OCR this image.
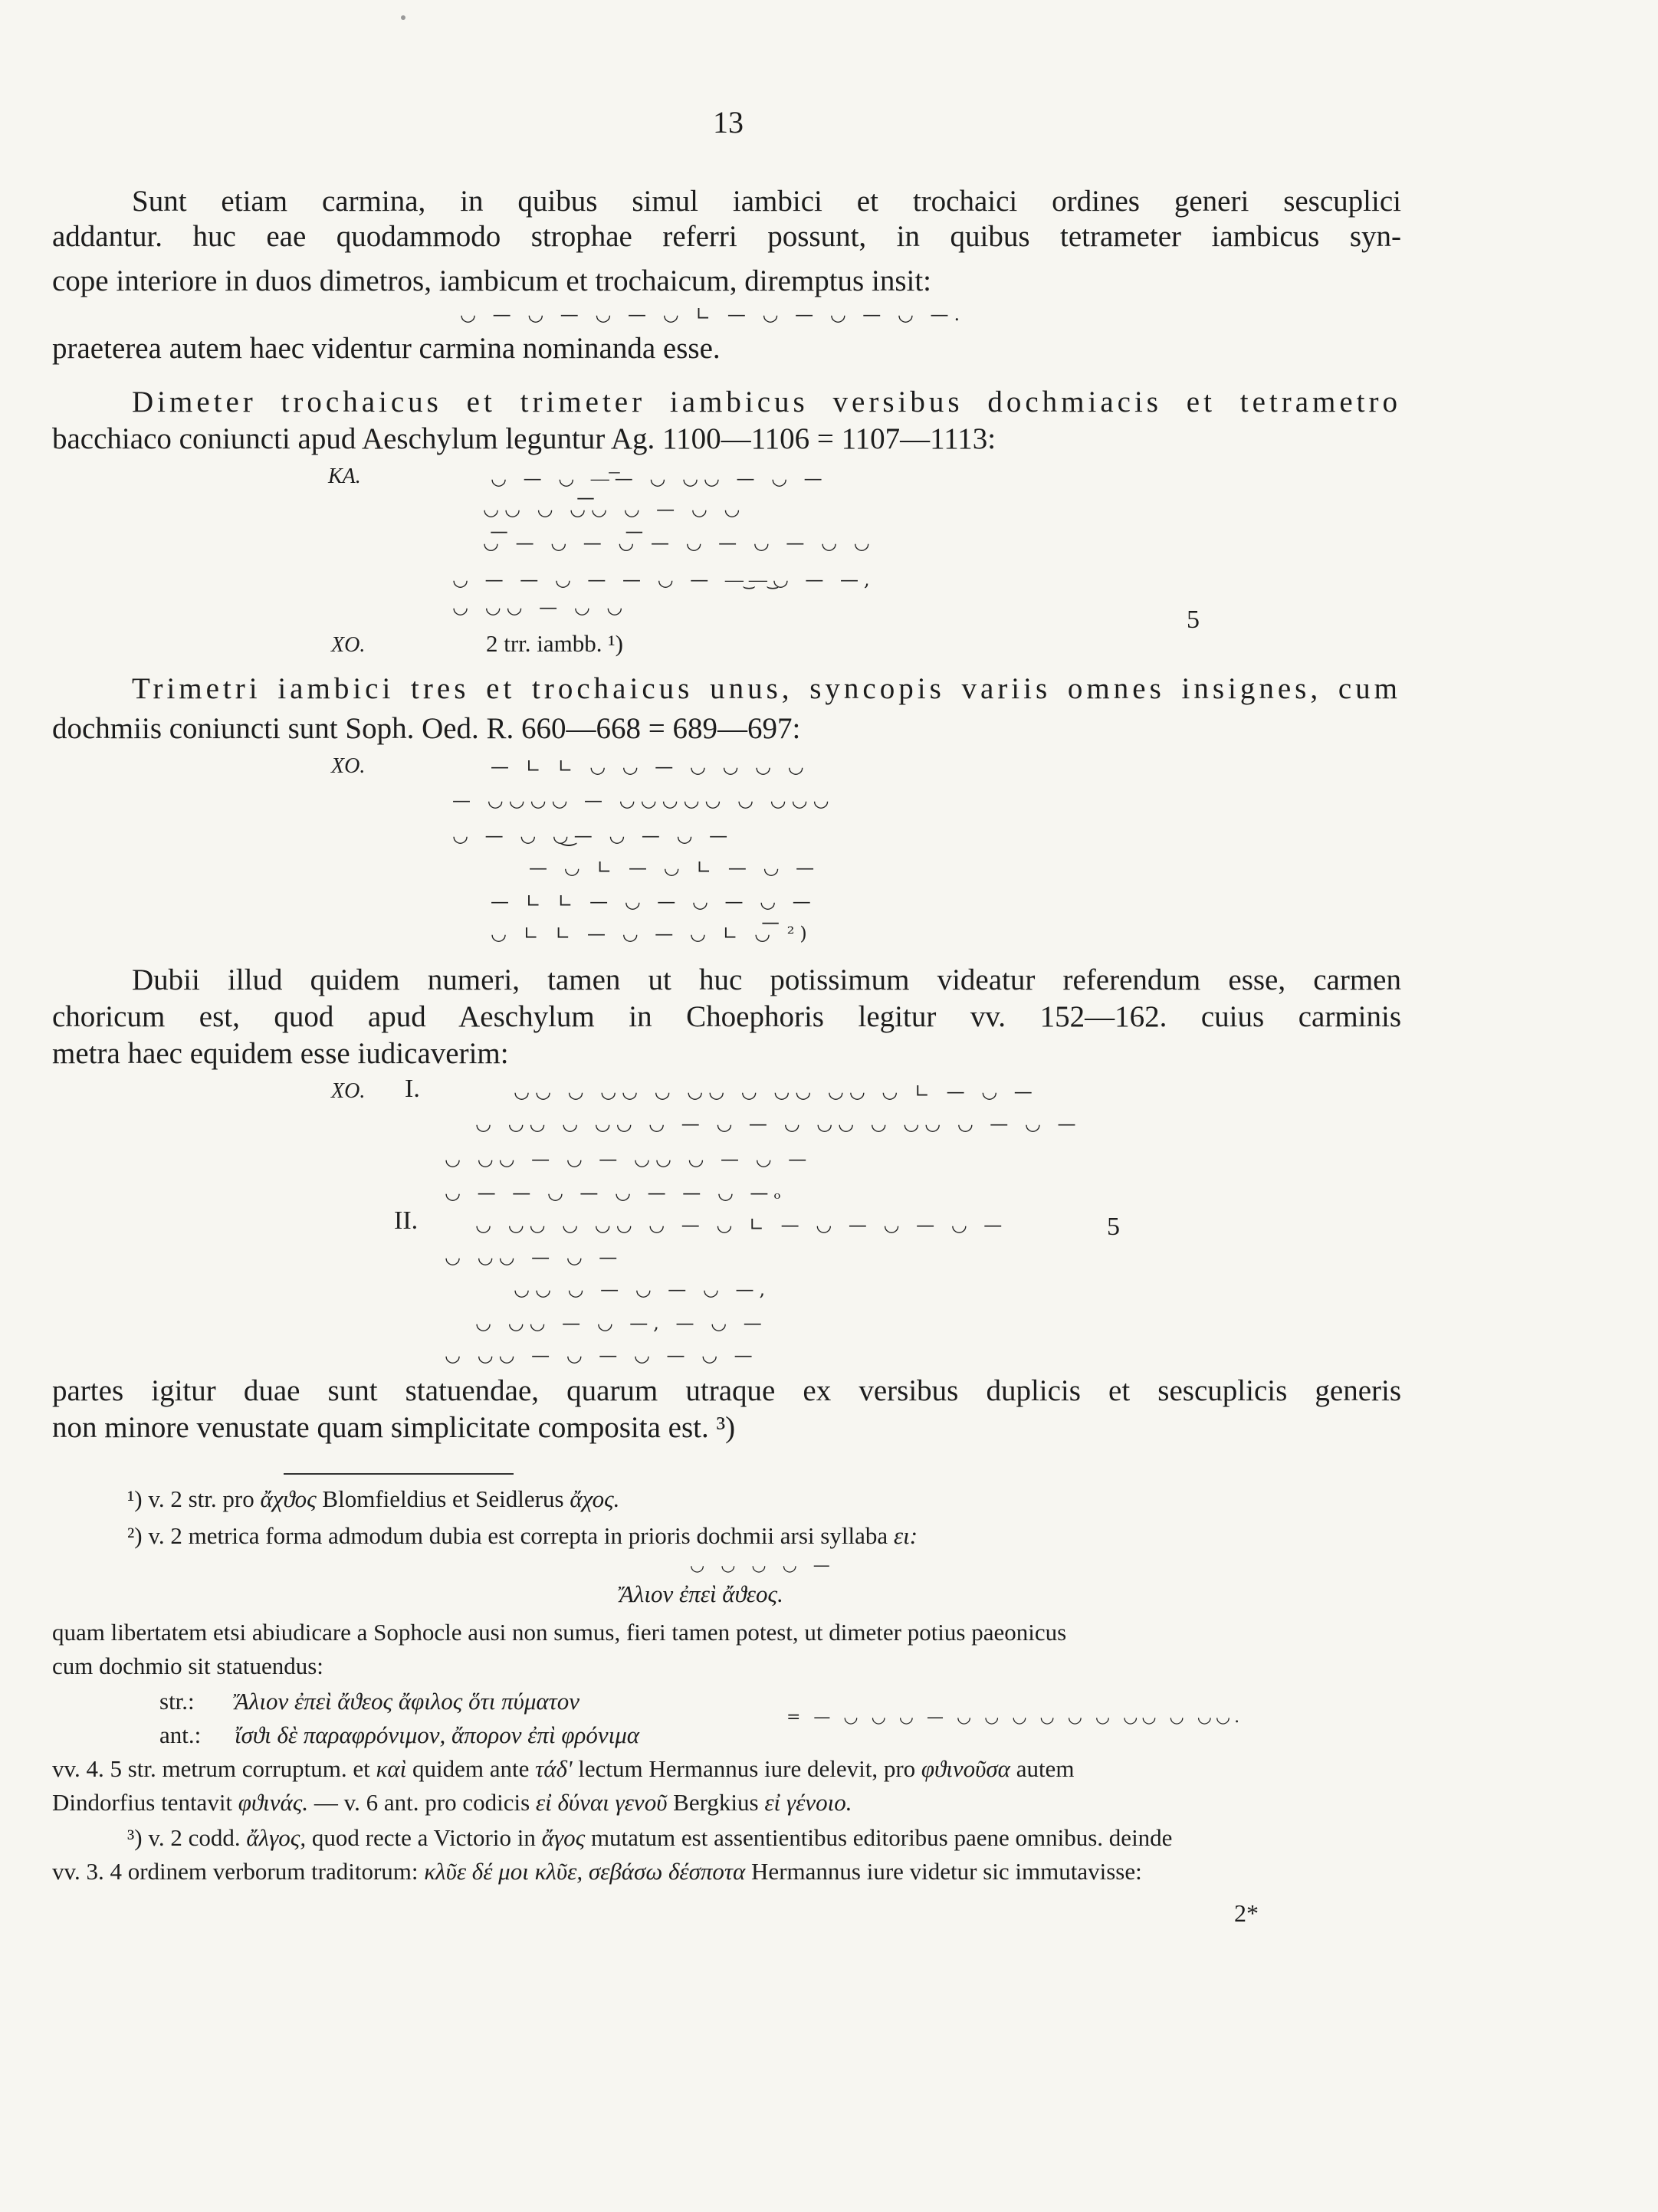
13
Sunt etiam carmina, in quibus simul iambici et trochaici ordines generi sescuplici
addantur. huc eae quodammodo strophae referri possunt, in quibus tetrameter iambicus syn-
cope interiore in duos dimetros, iambicum et trochaicum, diremptus insit:
◡ — ◡ — ◡ — ◡ ∟ — ◡ — ◡ — ◡ —.
praeterea autem haec videntur carmina nominanda esse.
Dimeter trochaicus et trimeter iambicus versibus dochmiacis et tetrametro
bacchiaco coniuncti apud Aeschylum leguntur Ag. 1100—1106 = 1107—1113:
KA.	◡ — ◡ —͞— ◡ ◡◡ — ◡ —
◡◡ ◡ ◡͞◡ ◡ — ◡ ◡
◡͞ — ◡ — ◡͞ — ◡ — ◡ — ◡ ◡
◡ — — ◡ — — ◡ — —͜—͜◡ — —,
◡ ◡◡ — ◡ ◡	5
XO.	2 trr. iambb. ¹)
Trimetri iambici tres et trochaicus unus, syncopis variis omnes insignes, cum
dochmiis coniuncti sunt Soph. Oed. R. 660—668 = 689—697:
XO.	— ∟ ∟ ◡ ◡ — ◡ ◡ ◡ ◡
— ◡◡◡◡ — ◡◡◡◡◡ ◡ ◡◡◡
◡ — ◡ ◡͜— ◡ — ◡ —
— ◡ ∟ — ◡ ∟ — ◡ —
— ∟ ∟ — ◡ — ◡ — ◡ —
◡ ∟ ∟ — ◡ — ◡ ∟ ◡͞ ²)
Dubii illud quidem numeri, tamen ut huc potissimum videatur referendum esse, carmen
choricum est, quod apud Aeschylum in Choephoris legitur vv. 152—162. cuius carminis
metra haec equidem esse iudicaverim:
XO. I.	◡◡ ◡ ◡◡ ◡ ◡◡ ◡ ◡◡ ◡◡ ◡ ∟ — ◡ —
◡ ◡◡ ◡ ◡◡ ◡ — ◡ — ◡ ◡◡ ◡ ◡◡ ◡ — ◡ —
◡ ◡◡ — ◡ — ◡◡ ◡ — ◡ —
◡ — — ◡ — ◡ — — ◡ —ₒ
II.	◡ ◡◡ ◡ ◡◡ ◡ — ◡ ∟ — ◡ — ◡ — ◡ —	5
◡ ◡◡ — ◡ —
◡◡ ◡ — ◡ — ◡ —,
◡ ◡◡ — ◡ —, — ◡ —
◡ ◡◡ — ◡ — ◡ — ◡ —
partes igitur duae sunt statuendae, quarum utraque ex versibus duplicis et sescuplicis generis
non minore venustate quam simplicitate composita est. ³)
¹) v. 2 str. pro ἄχϑος Blomfieldius et Seidlerus ἄχος.
²) v. 2 metrica forma admodum dubia est correpta in prioris dochmii arsi syllaba ει:
◡ ◡ ◡ ◡ —
Ἄλιον ἐπεὶ ἄϑεος.
quam libertatem etsi abiudicare a Sophocle ausi non sumus, fieri tamen potest, ut dimeter potius paeonicus
cum dochmio sit statuendus:
str.: Ἄλιον ἐπεὶ ἄϑεος ἄφιλος ὅτι πύματον
ant.: ἴσϑι δὲ παραφρόνιμον, ἄπορον ἐπὶ φρόνιμα
= — ◡ ◡ ◡ — ◡ ◡ ◡ ◡ ◡ ◡ ◡◡ ◡ ◡◡.
vv. 4. 5 str. metrum corruptum. et καὶ quidem ante τάδ' lectum Hermannus iure delevit, pro φϑινοῦσα autem
Dindorfius tentavit φϑινάς. — v. 6 ant. pro codicis εἰ δύναι γενοῦ Bergkius εἰ γένοιο.
³) v. 2 codd. ἄλγος, quod recte a Victorio in ἄγος mutatum est assentientibus editoribus paene omnibus. deinde
vv. 3. 4 ordinem verborum traditorum: κλῦε δέ μοι κλῦε, σεβάσω δέσποτα Hermannus iure videtur sic immutavisse:
2*
